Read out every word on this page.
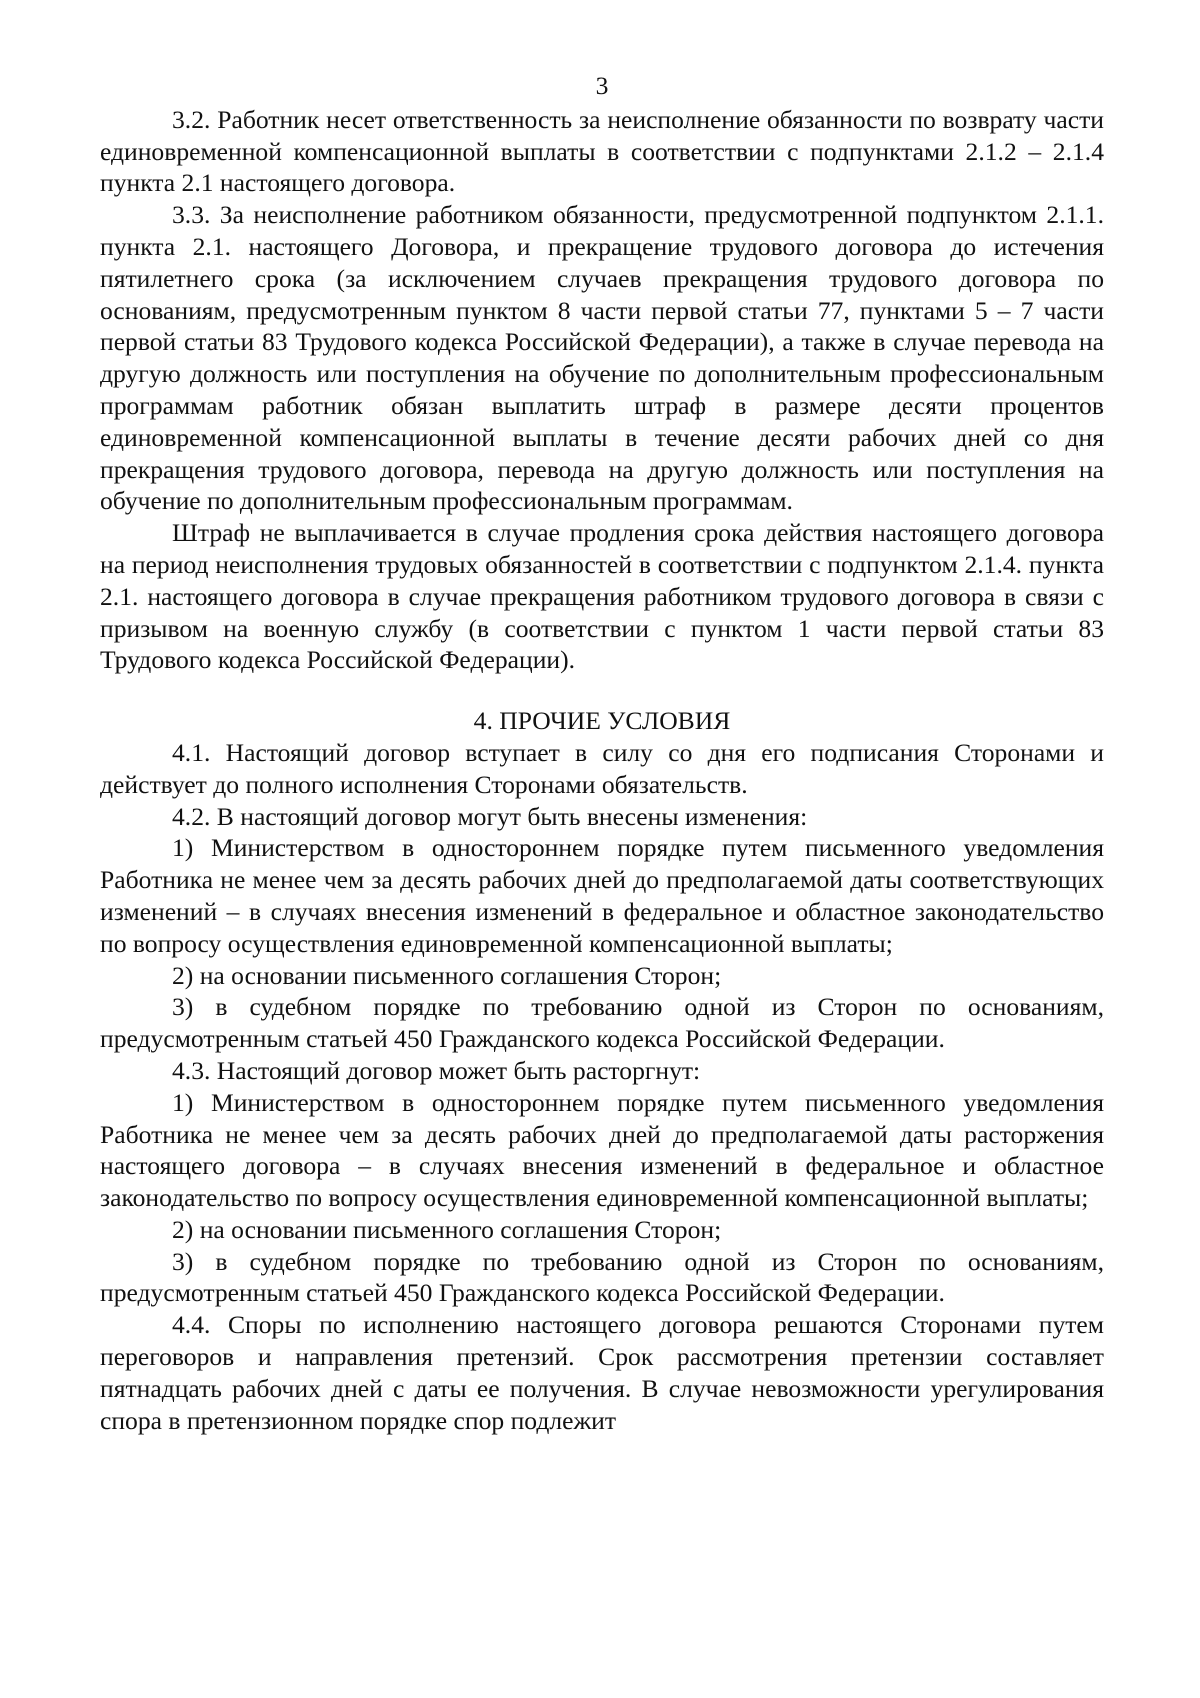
3

3.2. Работник несет ответственность за неисполнение обязанности по возврату части единовременной компенсационной выплаты в соответствии с подпунктами 2.1.2 – 2.1.4 пункта 2.1 настоящего договора.

3.3. За неисполнение работником обязанности, предусмотренной подпунктом 2.1.1. пункта 2.1. настоящего Договора, и прекращение трудового договора до истечения пятилетнего срока (за исключением случаев прекращения трудового договора по основаниям, предусмотренным пунктом 8 части первой статьи 77, пунктами 5 – 7 части первой статьи 83 Трудового кодекса Российской Федерации), а также в случае перевода на другую должность или поступления на обучение по дополнительным профессиональным программам работник обязан выплатить штраф в размере десяти процентов единовременной компенсационной выплаты в течение десяти рабочих дней со дня прекращения трудового договора, перевода на другую должность или поступления на обучение по дополнительным профессиональным программам.

Штраф не выплачивается в случае продления срока действия настоящего договора на период неисполнения трудовых обязанностей в соответствии с подпунктом 2.1.4. пункта 2.1. настоящего договора в случае прекращения работником трудового договора в связи с призывом на военную службу (в соответствии с пунктом 1 части первой статьи 83 Трудового кодекса Российской Федерации).

4. ПРОЧИЕ УСЛОВИЯ

4.1. Настоящий договор вступает в силу со дня его подписания Сторонами и действует до полного исполнения Сторонами обязательств.

4.2. В настоящий договор могут быть внесены изменения:

1) Министерством в одностороннем порядке путем письменного уведомления Работника не менее чем за десять рабочих дней до предполагаемой даты соответствующих изменений – в случаях внесения изменений в федеральное и областное законодательство по вопросу осуществления единовременной компенсационной выплаты;

2) на основании письменного соглашения Сторон;

3) в судебном порядке по требованию одной из Сторон по основаниям, предусмотренным статьей 450 Гражданского кодекса Российской Федерации.

4.3. Настоящий договор может быть расторгнут:

1) Министерством в одностороннем порядке путем письменного уведомления Работника не менее чем за десять рабочих дней до предполагаемой даты расторжения настоящего договора – в случаях внесения изменений в федеральное и областное законодательство по вопросу осуществления единовременной компенсационной выплаты;

2) на основании письменного соглашения Сторон;

3) в судебном порядке по требованию одной из Сторон по основаниям, предусмотренным статьей 450 Гражданского кодекса Российской Федерации.

4.4. Споры по исполнению настоящего договора решаются Сторонами путем переговоров и направления претензий. Срок рассмотрения претензии составляет пятнадцать рабочих дней с даты ее получения. В случае невозможности урегулирования спора в претензионном порядке спор подлежит
